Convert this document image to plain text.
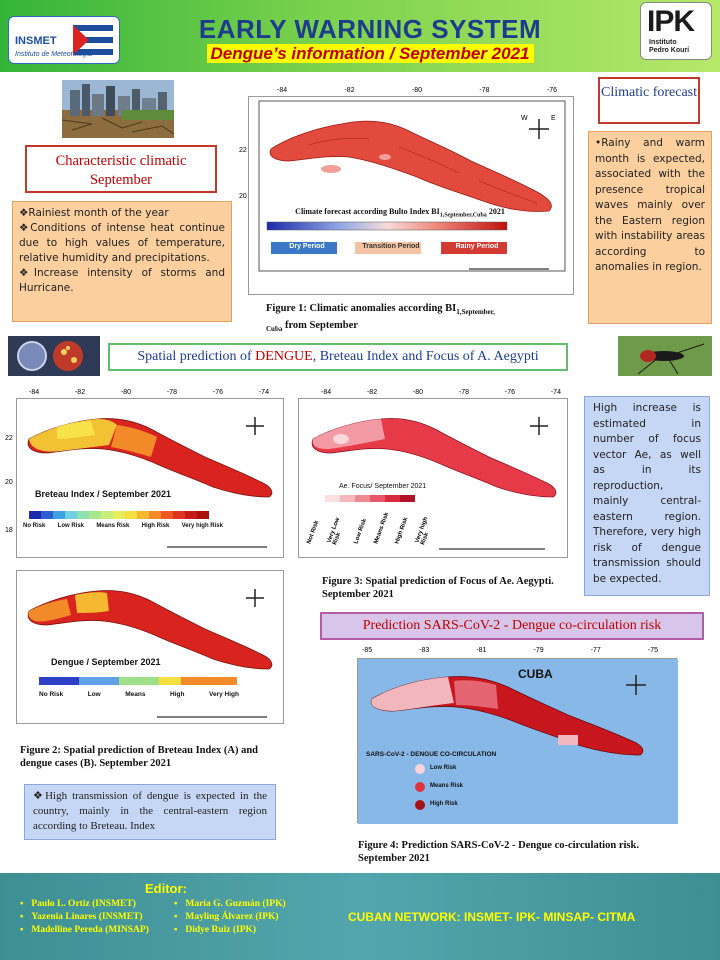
INSMET
Instituto de Meteorología
EARLY WARNING SYSTEM
Dengue’s information / September 2021
IPK
Instituto
Pedro Kourí
Characteristic climatic September
❖Rainiest month of the year
❖Conditions of intense heat continue due to high values of temperature, relative humidity and precipitations.
❖Increase intensity of storms and Hurricane.
Climate forecast according Bulto Index $BI_{1,September,Cuba}$ 2021
Dry Period	Transition Period	Rainy Period
-84	-82	-80	-78	-76
22
20
W	E
Figure 1: Climatic anomalies according $BI_{1,September, Cuba}$ from September
Climatic forecast
•Rainy and warm month is expected, associated with the presence tropical waves mainly over the Eastern region with instability areas according to anomalies in region.
Spatial prediction of DENGUE, Breteau Index and Focus of A. Aegypti
Breteau Index / September 2021
No Risk Low Risk Means Risk High Risk Very high Risk
22
20
18
-84	-82	-80	-78	-76	-74
Ae. Focus/ September 2021
Not Risk	Very Low Risk	Low Risk Means Risk High Risk Very high Risk
-84	-82	-80	-78	-76	-74
Figure 3: Spatial prediction of Focus of Ae. Aegypti. September 2021
High increase is estimated in number of focus vector Ae, as well as in its reproduction, mainly central-eastern region. Therefore, very high risk of dengue transmission should be expected.
Dengue / September 2021
No Risk	Low	Means	High	Very High
Figure 2: Spatial prediction of Breteau Index (A) and dengue cases (B). September 2021
❖High transmission of dengue is expected in the country, mainly in the central-eastern region according to Breteau. Index
Prediction SARS-CoV-2 - Dengue co-circulation risk
CUBA
SARS-CoV-2 - DENGUE CO-CIRCULATION
Low Risk
Means Risk
High Risk
-85	-83	-81	-79	-77	-75
Figure 4: Prediction SARS-CoV-2 - Dengue co-circulation risk. September 2021
Editor:
▪ Paulo L. Ortiz (INSMET)
▪ Yazenia Linares (INSMET)
▪ Madelline Pereda (MINSAP)
▪ María G. Guzmán (IPK)
▪ Mayling Álvarez (IPK)
▪ Didye Ruiz (IPK)
CUBAN NETWORK: INSMET- IPK- MINSAP- CITMA
